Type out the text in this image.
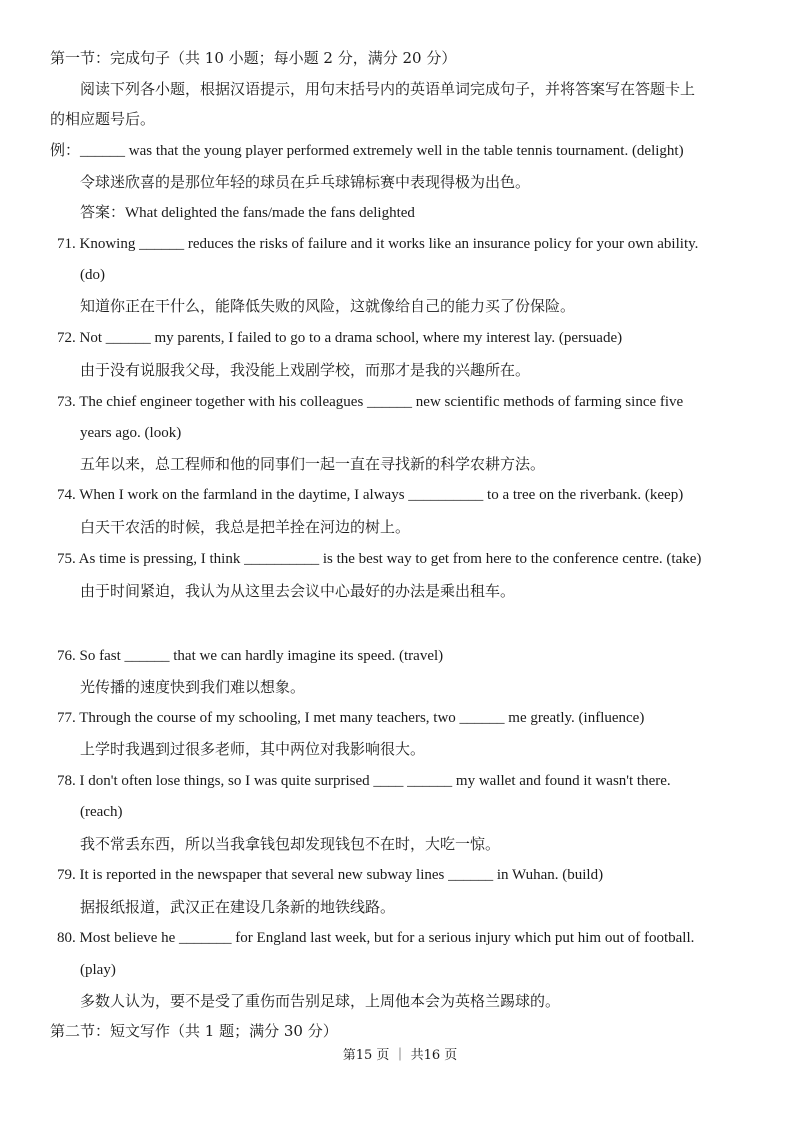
第一节：完成句子（共 10 小题；每小题 2 分，满分 20 分）
阅读下列各小题，根据汉语提示，用句末括号内的英语单词完成句子，并将答案写在答题卡上
的相应题号后。
例：______ was that the young player performed extremely well in the table tennis tournament. (delight)
令球迷欣喜的是那位年轻的球员在乒乓球锦标赛中表现得极为出色。
答案：What delighted the fans/made the fans delighted
71. Knowing ______ reduces the risks of failure and it works like an insurance policy for your own ability.
(do)
知道你正在干什么，能降低失败的风险，这就像给自己的能力买了份保险。
72. Not ______ my parents, I failed to go to a drama school, where my interest lay. (persuade)
由于没有说服我父母，我没能上戏剧学校，而那才是我的兴趣所在。
73. The chief engineer together with his colleagues ______ new scientific methods of farming since five
years ago. (look)
五年以来，总工程师和他的同事们一起一直在寻找新的科学农耕方法。
74. When I work on the farmland in the daytime, I always __________ to a tree on the riverbank. (keep)
白天干农活的时候，我总是把羊拴在河边的树上。
75. As time is pressing, I think __________ is the best way to get from here to the conference centre. (take)
由于时间紧迫，我认为从这里去会议中心最好的办法是乘出租车。
76. So fast ______ that we can hardly imagine its speed. (travel)
光传播的速度快到我们难以想象。
77. Through the course of my schooling, I met many teachers, two ______ me greatly. (influence)
上学时我遇到过很多老师，其中两位对我影响很大。
78. I don't often lose things, so I was quite surprised ____ ______ my wallet and found it wasn't there.
(reach)
我不常丢东西，所以当我拿钱包却发现钱包不在时，大吃一惊。
79. It is reported in the newspaper that several new subway lines ______ in Wuhan. (build)
据报纸报道，武汉正在建设几条新的地铁线路。
80. Most believe he _______ for England last week, but for a serious injury which put him out of football.
(play)
多数人认为，要不是受了重伤而告别足球，上周他本会为英格兰踢球的。
第二节：短文写作（共 1 题；满分 30 分）
第15 页 ｜ 共16 页
